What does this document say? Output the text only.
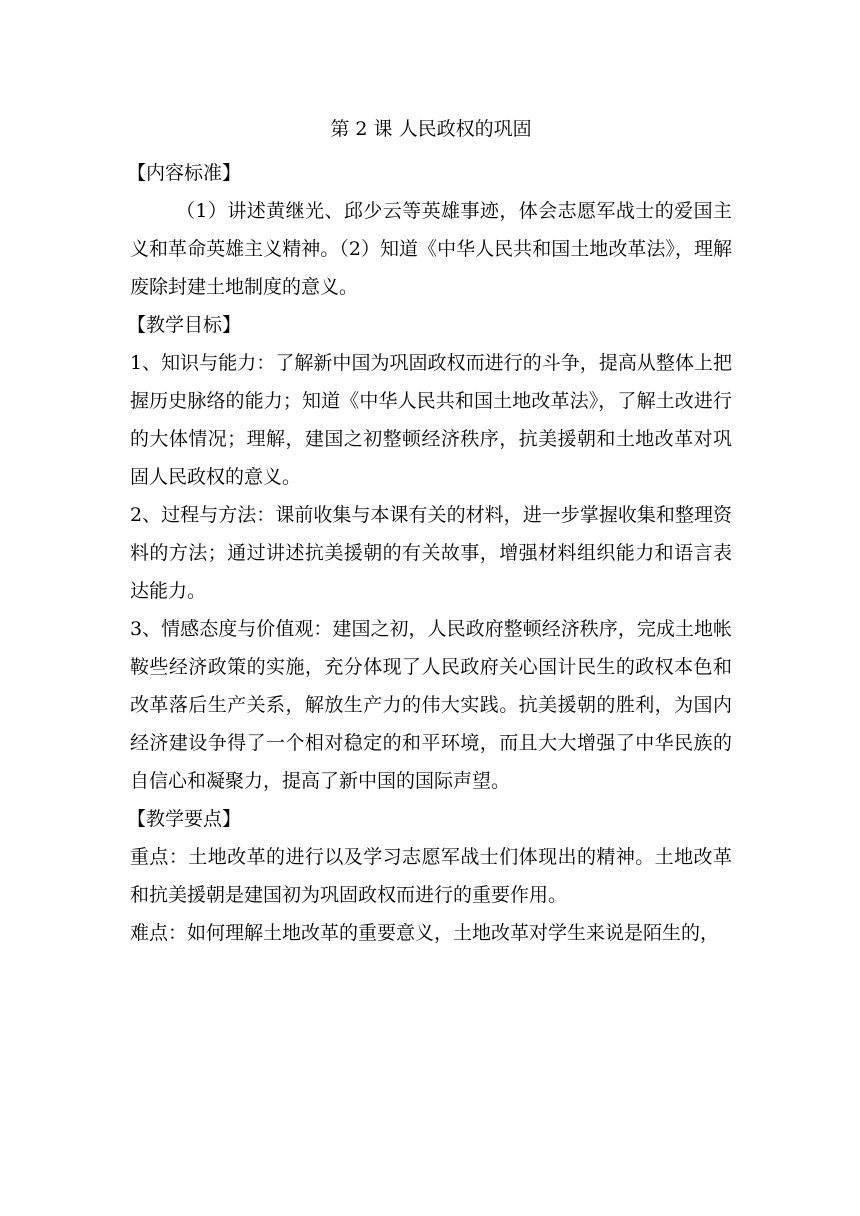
第 2 课 人民政权的巩固
【内容标准】

（1）讲述黄继光、邱少云等英雄事迹，体会志愿军战士的爱国主义和革命英雄主义精神。（2）知道《中华人民共和国土地改革法》，理解废除封建土地制度的意义。

【教学目标】

1、知识与能力：了解新中国为巩固政权而进行的斗争，提高从整体上把握历史脉络的能力；知道《中华人民共和国土地改革法》，了解土改进行的大体情况；理解，建国之初整顿经济秩序，抗美援朝和土地改革对巩固人民政权的意义。

2、过程与方法：课前收集与本课有关的材料，进一步掌握收集和整理资料的方法；通过讲述抗美援朝的有关故事，增强材料组织能力和语言表达能力。

3、情感态度与价值观：建国之初，人民政府整顿经济秩序，完成土地帐鞍些经济政策的实施，充分体现了人民政府关心国计民生的政权本色和改革落后生产关系，解放生产力的伟大实践。抗美援朝的胜利，为国内经济建设争得了一个相对稳定的和平环境，而且大大增强了中华民族的自信心和凝聚力，提高了新中国的国际声望。

【教学要点】

重点：土地改革的进行以及学习志愿军战士们体现出的精神。土地改革和抗美援朝是建国初为巩固政权而进行的重要作用。

难点：如何理解土地改革的重要意义，土地改革对学生来说是陌生的，
